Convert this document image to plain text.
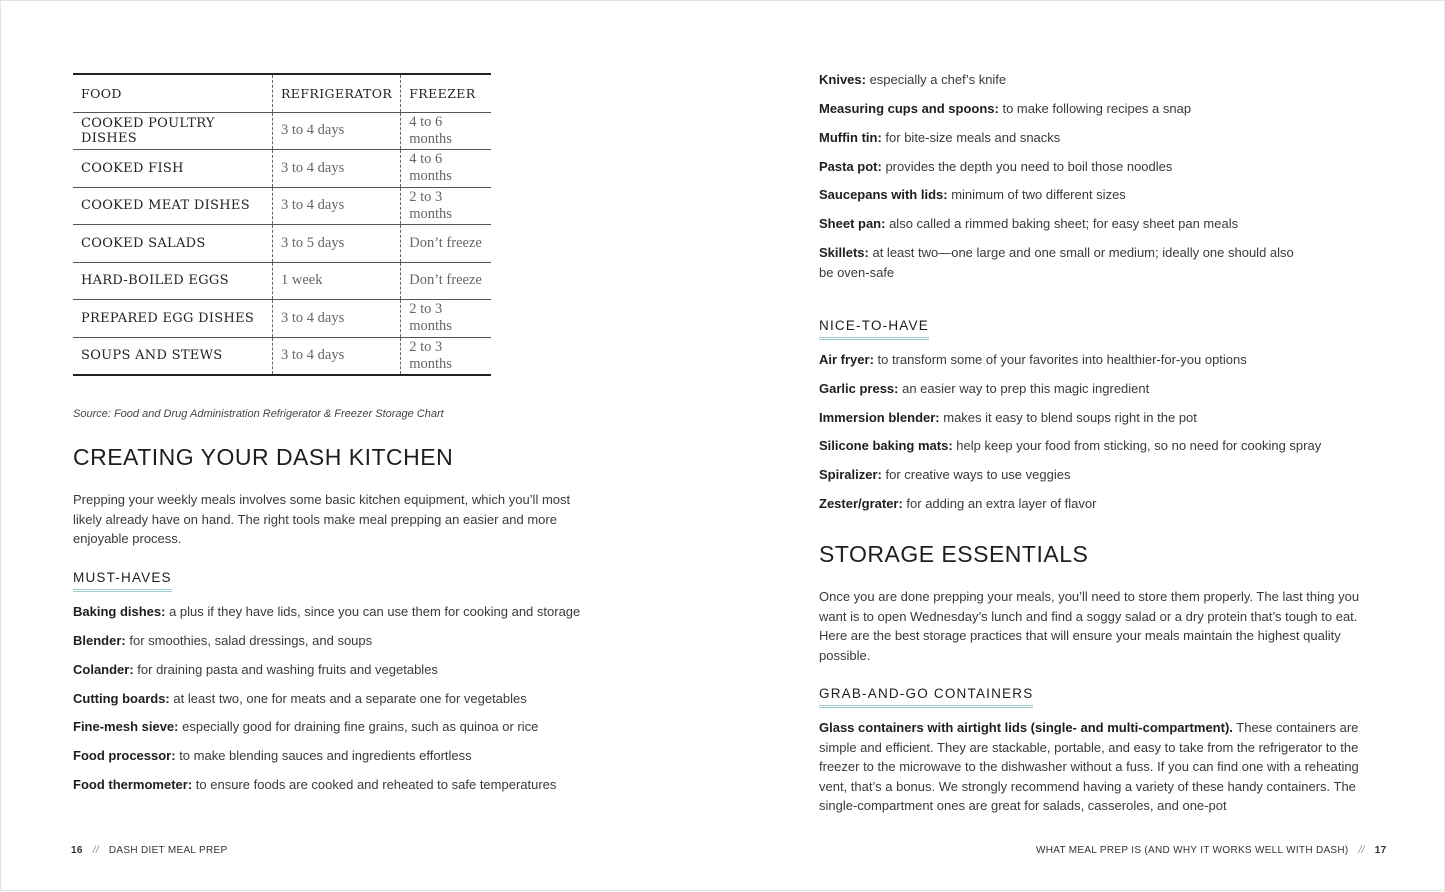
FOOD	REFRIGERATOR	FREEZER
COOKED POULTRY DISHES	3 to 4 days	4 to 6 months
COOKED FISH	3 to 4 days	4 to 6 months
COOKED MEAT DISHES	3 to 4 days	2 to 3 months
COOKED SALADS	3 to 5 days	Don’t freeze
HARD-BOILED EGGS	1 week	Don’t freeze
PREPARED EGG DISHES	3 to 4 days	2 to 3 months
SOUPS AND STEWS	3 to 4 days	2 to 3 months

Source: Food and Drug Administration Refrigerator & Freezer Storage Chart

CREATING YOUR DASH KITCHEN

Prepping your weekly meals involves some basic kitchen equipment, which you’ll most likely already have on hand. The right tools make meal prepping an easier and more enjoyable process.

MUST-HAVES

Baking dishes: a plus if they have lids, since you can use them for cooking and storage

Blender: for smoothies, salad dressings, and soups

Colander: for draining pasta and washing fruits and vegetables

Cutting boards: at least two, one for meats and a separate one for vegetables

Fine-mesh sieve: especially good for draining fine grains, such as quinoa or rice

Food processor: to make blending sauces and ingredients effortless

Food thermometer: to ensure foods are cooked and reheated to safe temperatures

16 // DASH DIET MEAL PREP

Knives: especially a chef’s knife

Measuring cups and spoons: to make following recipes a snap

Muffin tin: for bite-size meals and snacks

Pasta pot: provides the depth you need to boil those noodles

Saucepans with lids: minimum of two different sizes

Sheet pan: also called a rimmed baking sheet; for easy sheet pan meals

Skillets: at least two—one large and one small or medium; ideally one should also be oven-safe

NICE-TO-HAVE

Air fryer: to transform some of your favorites into healthier-for-you options

Garlic press: an easier way to prep this magic ingredient

Immersion blender: makes it easy to blend soups right in the pot

Silicone baking mats: help keep your food from sticking, so no need for cooking spray

Spiralizer: for creative ways to use veggies

Zester/grater: for adding an extra layer of flavor

STORAGE ESSENTIALS

Once you are done prepping your meals, you’ll need to store them properly. The last thing you want is to open Wednesday’s lunch and find a soggy salad or a dry protein that’s tough to eat. Here are the best storage practices that will ensure your meals maintain the highest quality possible.

GRAB-AND-GO CONTAINERS

Glass containers with airtight lids (single- and multi-compartment). These containers are simple and efficient. They are stackable, portable, and easy to take from the refrigerator to the freezer to the microwave to the dishwasher without a fuss. If you can find one with a reheating vent, that’s a bonus. We strongly recommend having a variety of these handy containers. The single-compartment ones are great for salads, casseroles, and one-pot

WHAT MEAL PREP IS (AND WHY IT WORKS WELL WITH DASH) // 17
